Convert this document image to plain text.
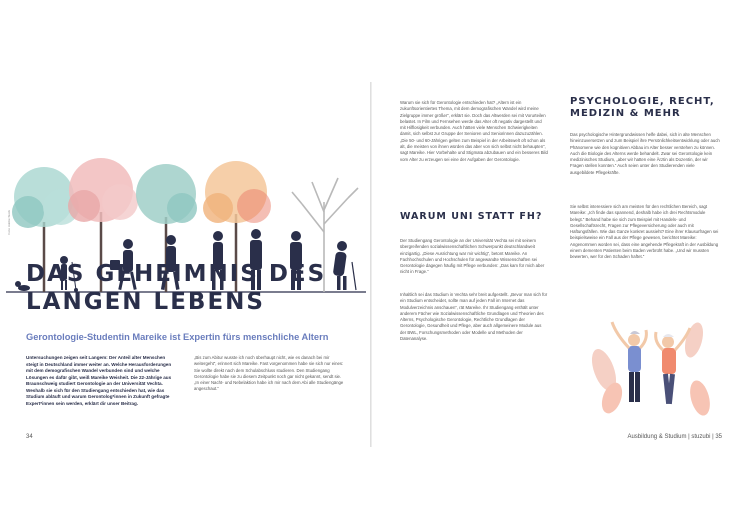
Foto: Adobe Stock
DAS GEHEIMNIS DES
LANGEN LEBENS
Gerontologie-Studentin Mareike ist Expertin fürs menschliche Altern

Untersuchungen zeigen seit Langem: Der Anteil alter Menschen steigt in Deutschland immer weiter an. Welche Herausforderungen mit dem demografischen Wandel verbunden sind und welche Lösungen es dafür gibt, weiß Mareike Weisheit. Die 22-Jährige aus Braunschweig studiert Gerontologie an der Universität Vechta. Weshalb sie sich für den Studiengang entschieden hat, wie das Studium abläuft und warum Gerontolog*innen in Zukunft gefragte Expert*innen sein werden, erklärt dir unser Beitrag.

„Bis zum Abitur wusste ich noch überhaupt nicht, wie es danach bei mir weitergeht“, erinnert sich Mareike. Fast vorgenommen habe sie sich nur eines: Sie wollte direkt nach dem Schulabschluss studieren. Den Studiengang Gerontologie habe sie zu diesem Zeitpunkt noch gar nicht gekannt, sendt sie. „In einer Nacht- und Nebelaktion habe ich mir nach dem Abi alle Studiengänge angeschaut.“

34

Warum sie sich für Gerontologie entschieden hat? „Altern ist ein zukunftsorientiertes Thema, mit dem demografischen Wandel wird meine Zielgruppe immer größer“, erklärt sie. Doch das Altwerden sei mit Vorurteilen belastet. In Film und Fernsehen werde das Alter oft negativ dargestellt und mit Hilflosigkeit verbunden. Auch hätten viele Menschen Schwierigkeiten damit, sich selbst zur Gruppe der Senioren und Seniorinnen dazuzuzählen. „Die 50- und 60-Jährigen gelten zum Beispiel in der Arbeitswelt oft schon als alt, die meisten von ihnen würden das aber von sich selbst nicht behaupten“, sagt Mareike. Hier Vorbehalte und Stigmata abzubauen und ein besseres Bild vom Alter zu erzeugen sei eine der Aufgaben der Gerontologie.

WARUM UNI STATT FH?

Der Studiengang Gerontologie an der Universität Vechta sei mit seinem übergreifenden sozialwissenschaftlichen Schwerpunkt deutschlandweit einzigartig. „Diese Ausrichtung war mir wichtig“, betont Mareike. An Fachhochschulen und Hochschulen für angewandte Wissenschaften sei Gerontologie dagegen häufig mit Pflege verbunden: „Das kam für mich aber nicht in Frage.“

Inhaltlich sei das Studium in Vechta sehr breit aufgestellt. „Bevor man sich für ein Studium entscheidet, sollte man auf jeden Fall im Internet das Modulverzeichnis anschauen“, rät Mareike. Ihr Studiengang enthält unter anderem Fächer wie Sozialwissenschaftliche Grundlagen und Theorien des Alterns, Psychologische Gerontologie, Rechtliche Grundlagen der Gerontologie, Gesundheit und Pflege, aber auch allgemeinere Module aus der BWL, Forschungsmethoden oder Modelle und Methoden der Datenanalyse.

PSYCHOLOGIE, RECHT,
MEDIZIN & MEHR

Das psychologische Hintergrundwissen helfe dabei, sich in alte Menschen hineinzuversetzen und zum Beispiel ihre Persönlichkeitsentwicklung oder auch Phänomene wie den kognitiven Abbau im Alter besser verstehen zu können. Auch die Biologie des Alterns werde behandelt. Zwar sei Gerontologie kein medizinisches Studium, „aber wir hatten eine Ärztin als Dozentin, der wir Fragen stellen konnten.“ Auch seien unter den Studierenden viele ausgebildete Pflegekräfte.

Sie selbst interessiere sich am meisten für den rechtlichen Bereich, sagt Mareike: „Ich finde das spannend, deshalb habe ich drei Rechtsmodule belegt.“ Behand habe sie sich zum Beispiel mit Handels- und Gesellschaftsrecht, Fragen zur Pflegeversicherung oder auch mit Haftungsfällen. Wie das Ganze konkret aussieht? Eine ihrer Klausurfragen sei beispielsweise ein Fall aus der Pflege gewesen, berichtet Mareike: Angenommen worden sei, dass eine angehende Pflegekraft in der Ausbildung einem dementen Patienten beim Baden verbrüht habe. „Und wir mussten bewerten, wer für den Schaden haftet.“

Ausbildung & Studium | stuzubi | 35
